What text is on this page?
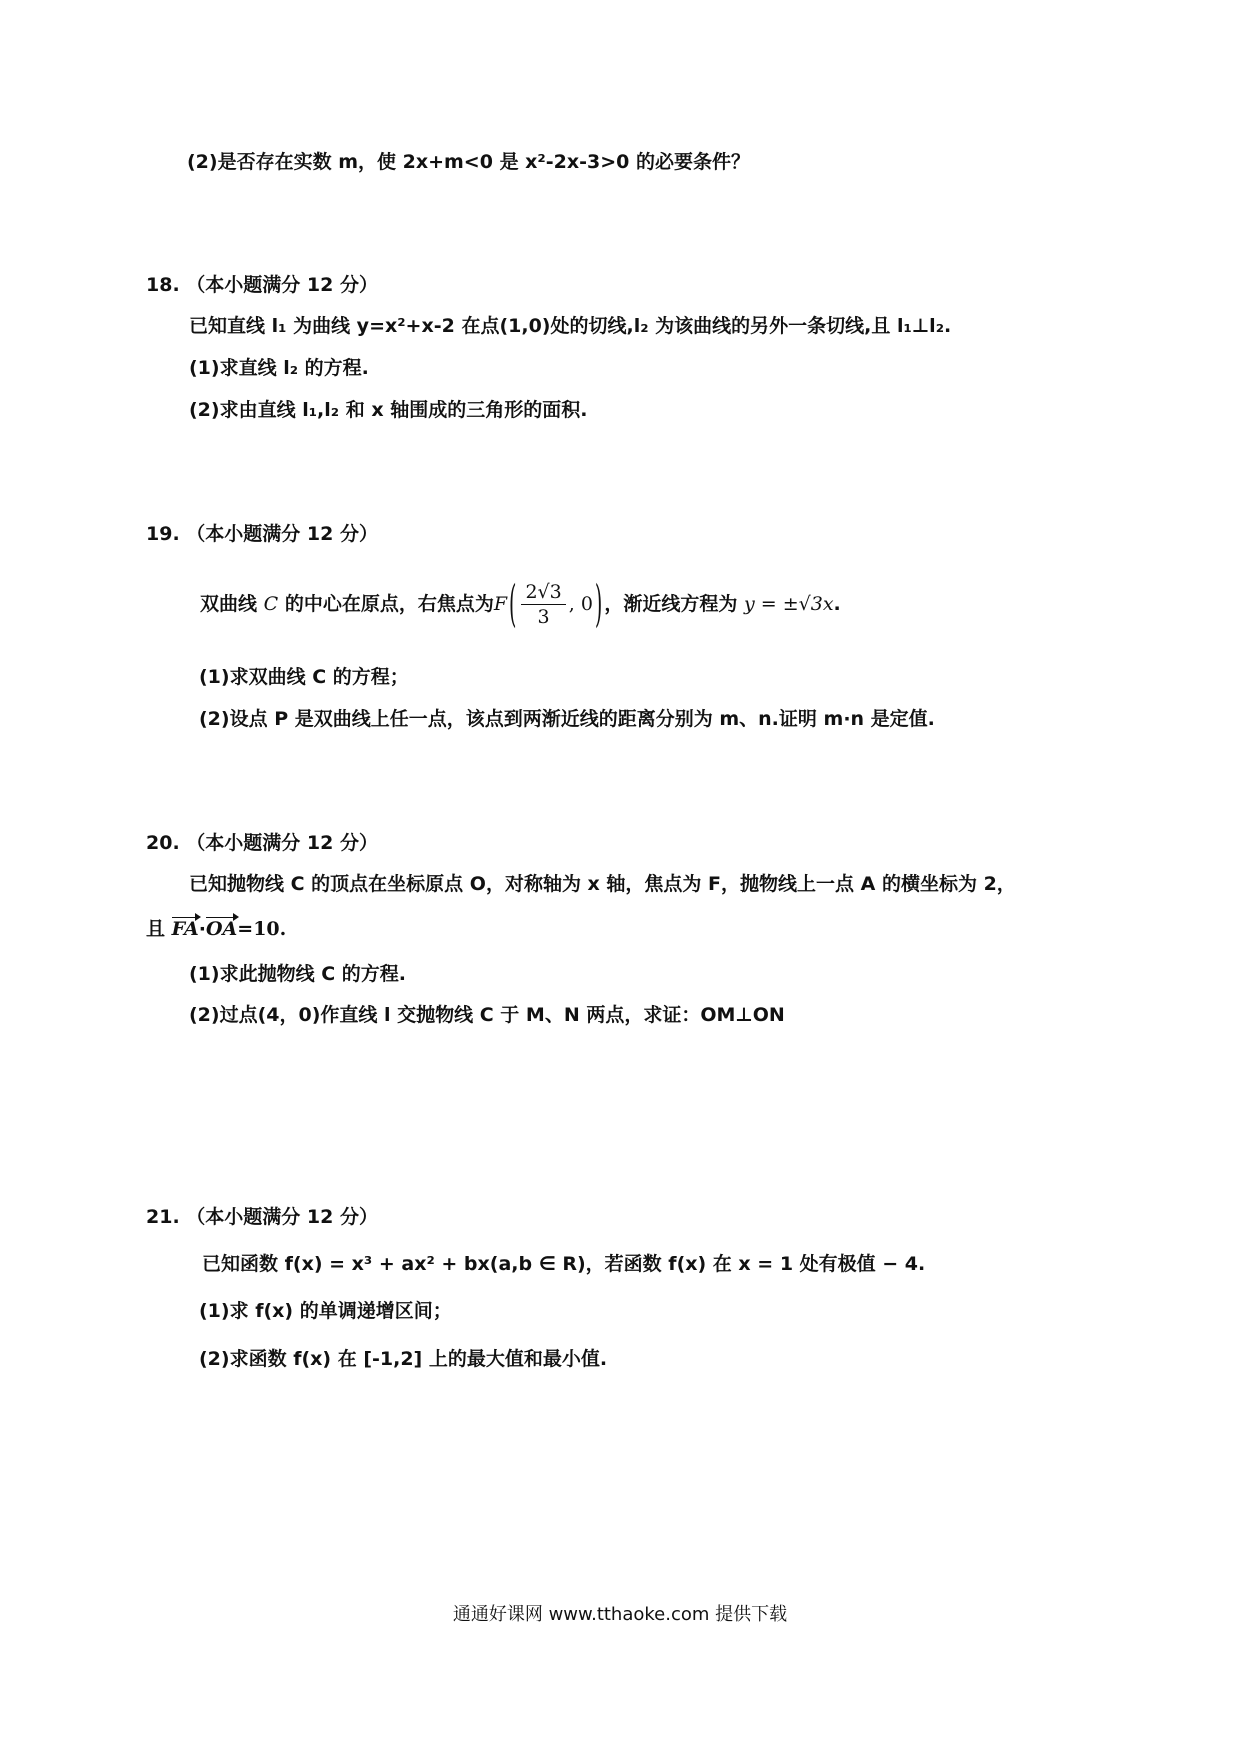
(2)是否存在实数 m，使 2x+m<0 是 x²-2x-3>0 的必要条件？
18. （本小题满分 12 分）
已知直线 l₁ 为曲线 y=x²+x-2 在点(1,0)处的切线,l₂ 为该曲线的另外一条切线,且 l₁⊥l₂.
(1)求直线 l₂ 的方程.
(2)求由直线 l₁,l₂ 和 x 轴围成的三角形的面积.
19. （本小题满分 12 分）
双曲线 C 的中心在原点，右焦点为F ( $\frac{2√3}{3}$ , 0 ) ，渐近线方程为 y = ±√3x.
(1)求双曲线 C 的方程；
(2)设点 P 是双曲线上任一点，该点到两渐近线的距离分别为 m、n.证明 m·n 是定值.
20. （本小题满分 12 分）
已知抛物线 C 的顶点在坐标原点 O，对称轴为 x 轴，焦点为 F，抛物线上一点 A 的横坐标为 2，
且 FA·OA=10.
(1)求此抛物线 C 的方程.
(2)过点(4，0)作直线 l 交抛物线 C 于 M、N 两点，求证：OM⊥ON
21. （本小题满分 12 分）
已知函数 f(x) = x³ + ax² + bx(a,b ∈ R)，若函数 f(x) 在 x = 1 处有极值 − 4.
(1)求 f(x) 的单调递增区间；
(2)求函数 f(x) 在 [-1,2] 上的最大值和最小值.
通通好课网 www.tthaoke.com 提供下载
